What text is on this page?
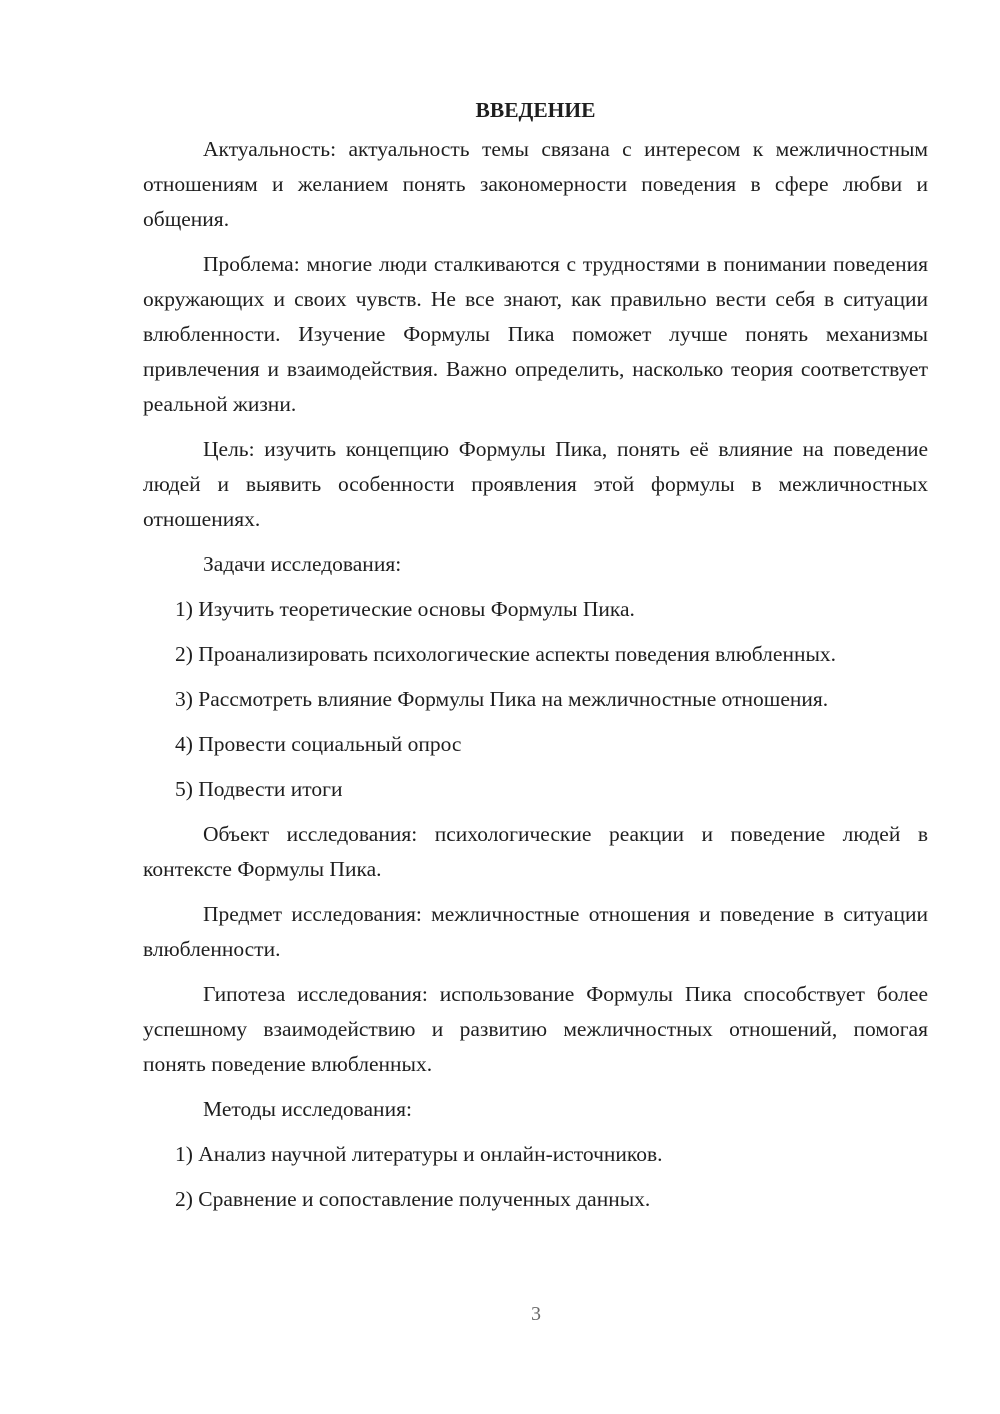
ВВЕДЕНИЕ

Актуальность: актуальность темы связана с интересом к межличностным отношениям и желанием понять закономерности поведения в сфере любви и общения.

Проблема: многие люди сталкиваются с трудностями в понимании поведения окружающих и своих чувств. Не все знают, как правильно вести себя в ситуации влюбленности. Изучение Формулы Пика поможет лучше понять механизмы привлечения и взаимодействия. Важно определить, насколько теория соответствует реальной жизни.

Цель: изучить концепцию Формулы Пика, понять её влияние на поведение людей и выявить особенности проявления этой формулы в межличностных отношениях.

Задачи исследования:

1) Изучить теоретические основы Формулы Пика.

2) Проанализировать психологические аспекты поведения влюбленных.

3) Рассмотреть влияние Формулы Пика на межличностные отношения.

4) Провести социальный опрос

5) Подвести итоги

Объект исследования: психологические реакции и поведение людей в контексте Формулы Пика.

Предмет исследования: межличностные отношения и поведение в ситуации влюбленности.

Гипотеза исследования: использование Формулы Пика способствует более успешному взаимодействию и развитию межличностных отношений, помогая понять поведение влюбленных.

Методы исследования:

1) Анализ научной литературы и онлайн-источников.

2) Сравнение и сопоставление полученных данных.

3
